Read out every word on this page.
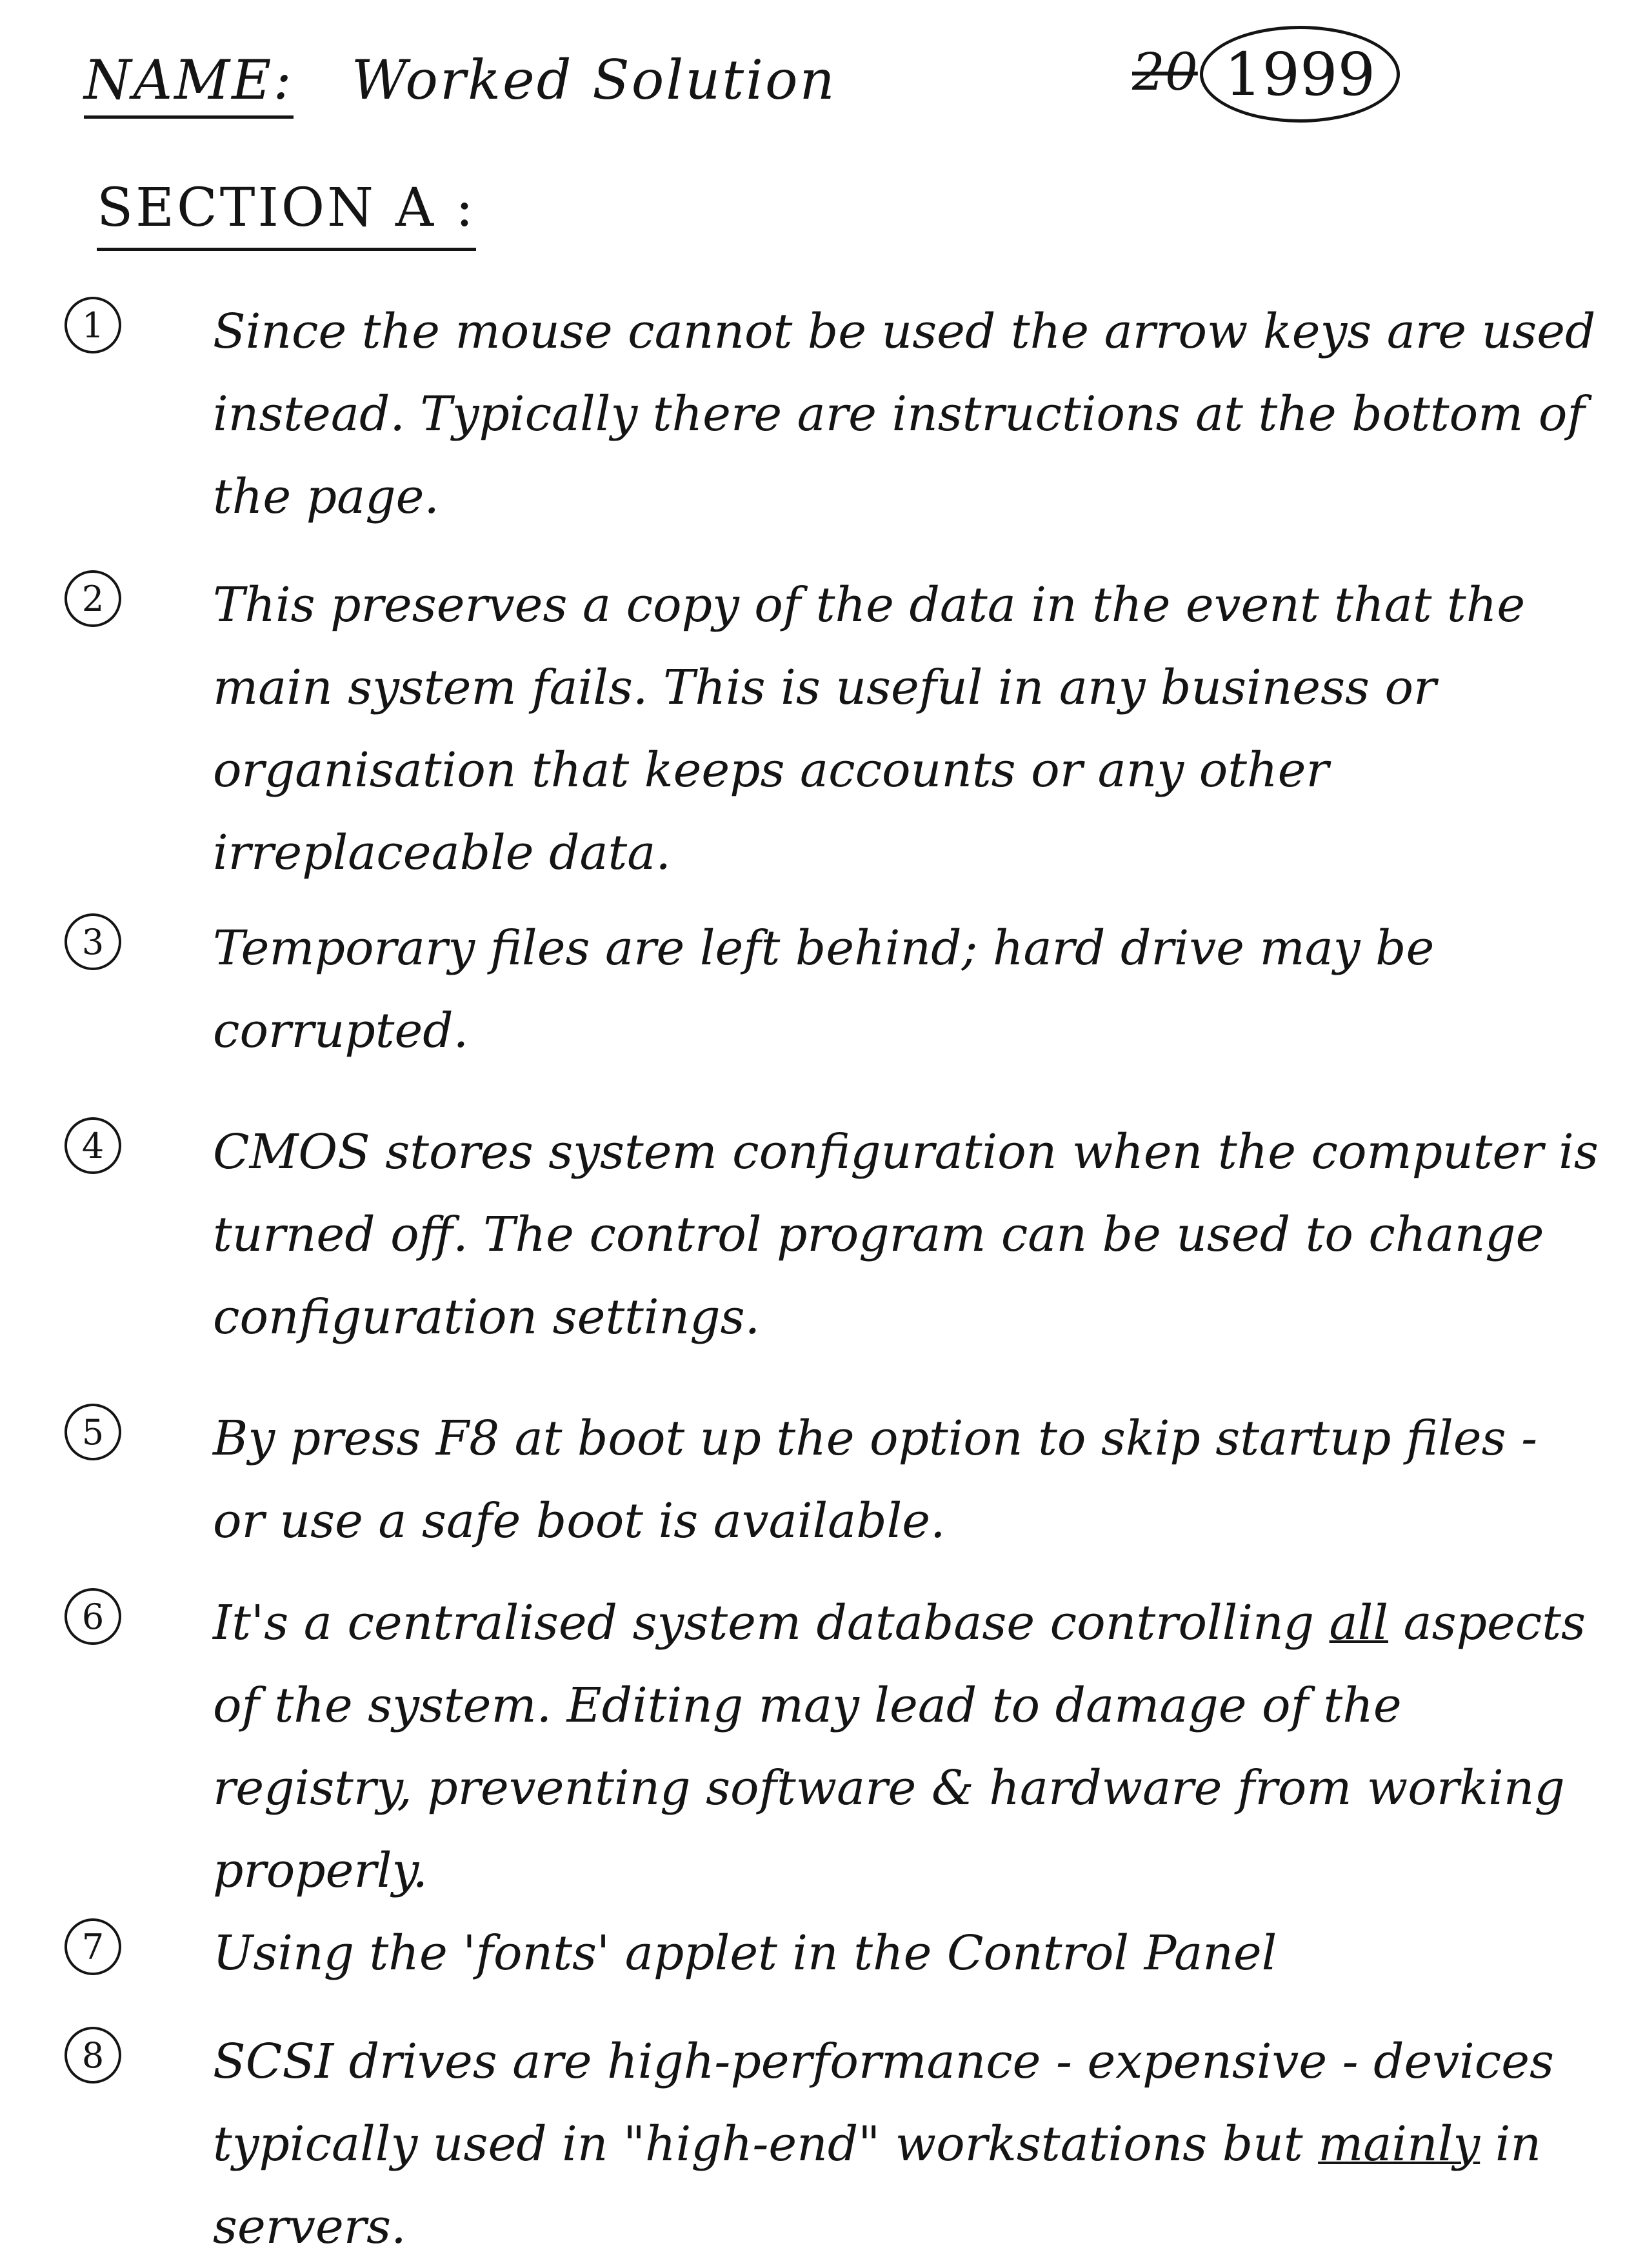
NAME: Worked Solution	20 1999
SECTION A :
1	Since the mouse cannot be used the arrow keys are used instead. Typically there are instructions at the bottom of the page.

2	This preserves a copy of the data in the event that the main system fails. This is useful in any business or organisation that keeps accounts or any other irreplaceable data.

3	Temporary files are left behind; hard drive may be corrupted.

4	CMOS stores system configuration when the computer is turned off. The control program can be used to change configuration settings.

5	By press F8 at boot up the option to skip startup files - or use a safe boot is available.

6	It's a centralised system database controlling all aspects of the system. Editing may lead to damage of the registry, preventing software & hardware from working properly.

7	Using the 'fonts' applet in the Control Panel

8	SCSI drives are high-performance - expensive - devices typically used in "high-end" workstations but mainly in servers.
